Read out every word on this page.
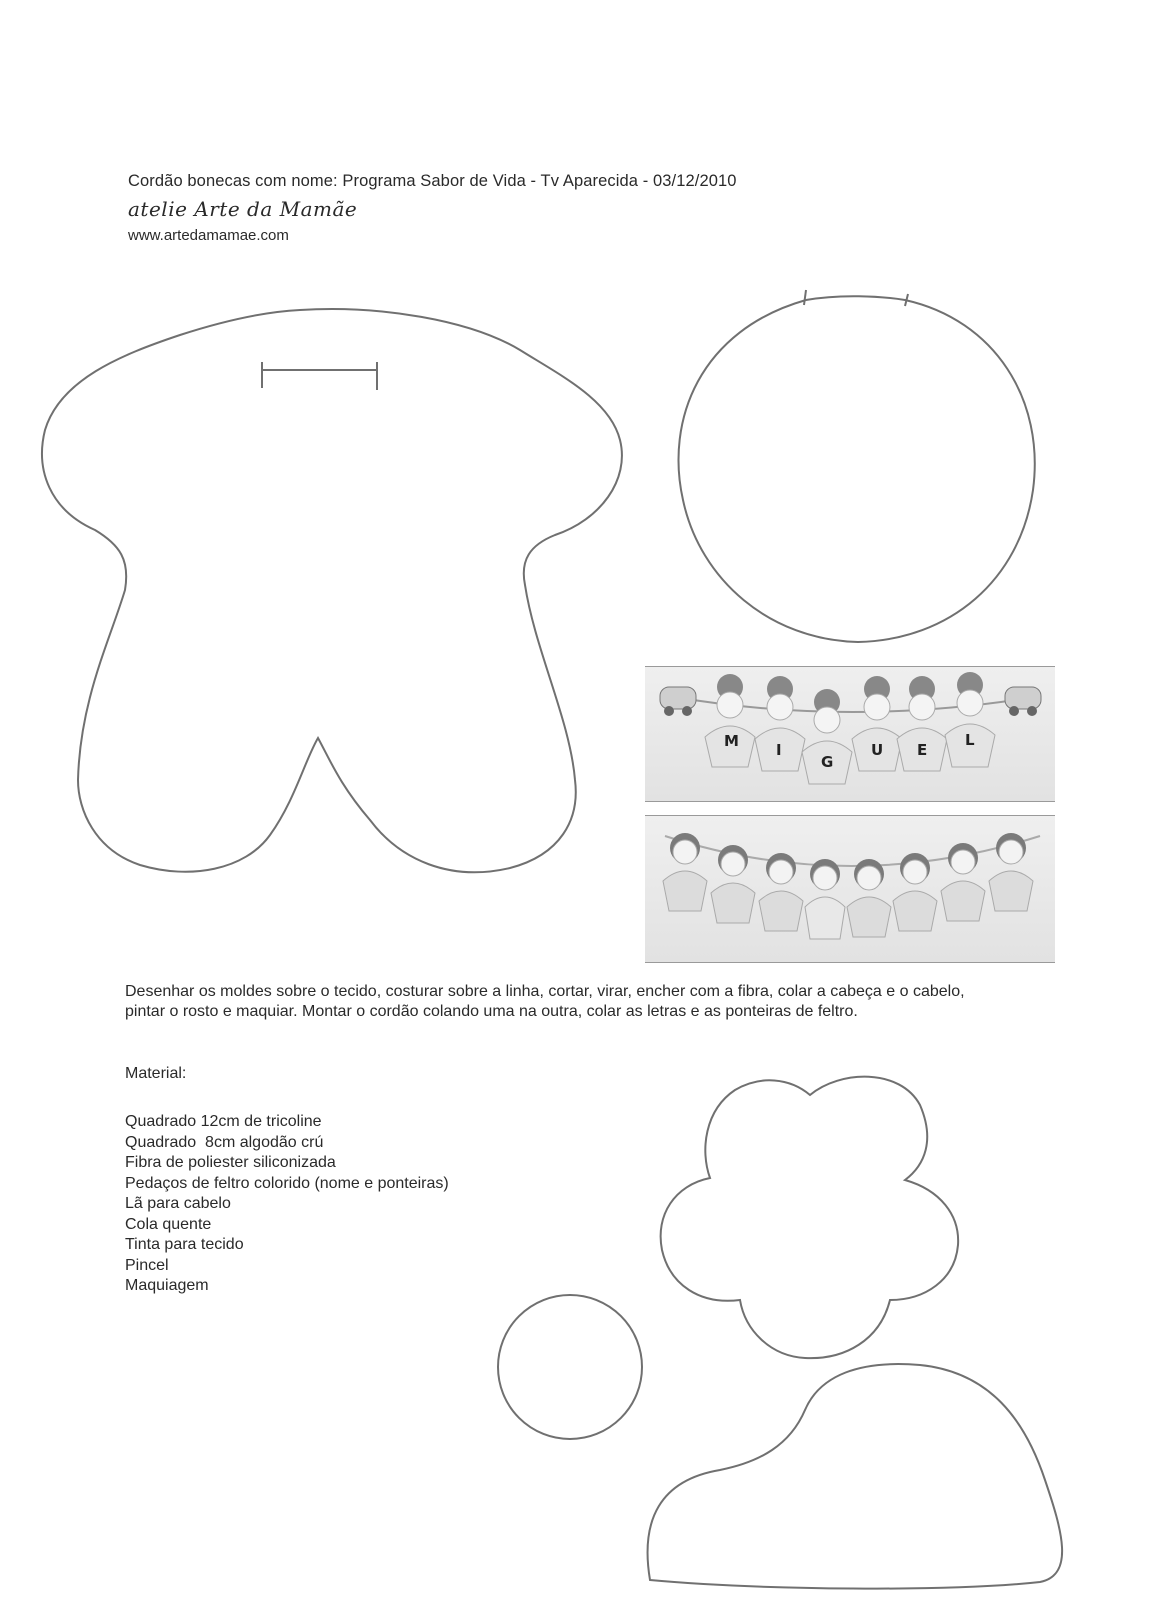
Cordão bonecas com nome: Programa Sabor de Vida - Tv Aparecida - 03/12/2010
atelie Arte da Mamãe
www.artedamamae.com
M I
G
U E
L
Desenhar os moldes sobre o tecido, costurar sobre a linha, cortar, virar, encher com a fibra, colar a cabeça e o cabelo, pintar o rosto e maquiar. Montar o cordão colando uma na outra, colar as letras e as ponteiras de feltro.
Material:
Quadrado 12cm de tricoline
Quadrado  8cm algodão crú
Fibra de poliester siliconizada
Pedaços de feltro colorido (nome e ponteiras)
Lã para cabelo
Cola quente
Tinta para tecido
Pincel
Maquiagem
